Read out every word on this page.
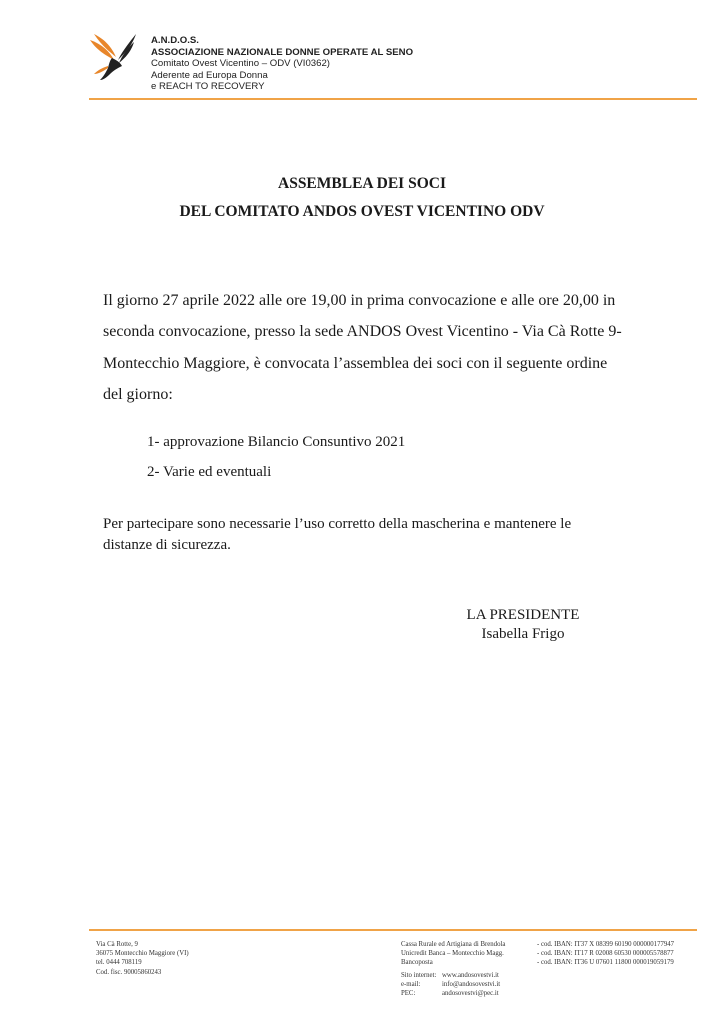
A.N.D.O.S.
ASSOCIAZIONE NAZIONALE DONNE OPERATE AL SENO
Comitato Ovest Vicentino – ODV (VI0362)
Aderente ad Europa Donna
e REACH TO RECOVERY
ASSEMBLEA DEI SOCI
DEL COMITATO ANDOS OVEST VICENTINO ODV
Il giorno 27 aprile 2022 alle ore 19,00 in prima convocazione e alle ore 20,00 in seconda convocazione, presso la sede ANDOS Ovest Vicentino - Via Cà Rotte 9- Montecchio Maggiore, è convocata l’assemblea dei soci con il seguente ordine del giorno:
1- approvazione Bilancio Consuntivo 2021
2- Varie ed eventuali
Per partecipare sono necessarie l’uso corretto della mascherina e mantenere le distanze di sicurezza.
LA PRESIDENTE
Isabella Frigo
Via Cà Rotte, 9
36075 Montecchio Maggiore (VI)
tel. 0444 708119
Cod. fisc. 90005860243
Cassa Rurale ed Artigiana di Brendola
Unicredit Banca – Montecchio Magg.
Bancoposta
- cod. IBAN: IT37 X 08399 60190 000000177947
- cod. IBAN: IT17 R 02008 60530 000005578877
- cod. IBAN: IT36 U 07601 11800 000019059179
Sito internet: www.andosovestvi.it
e-mail:	info@andosovestvi.it
PEC:	andosovestvi@pec.it
